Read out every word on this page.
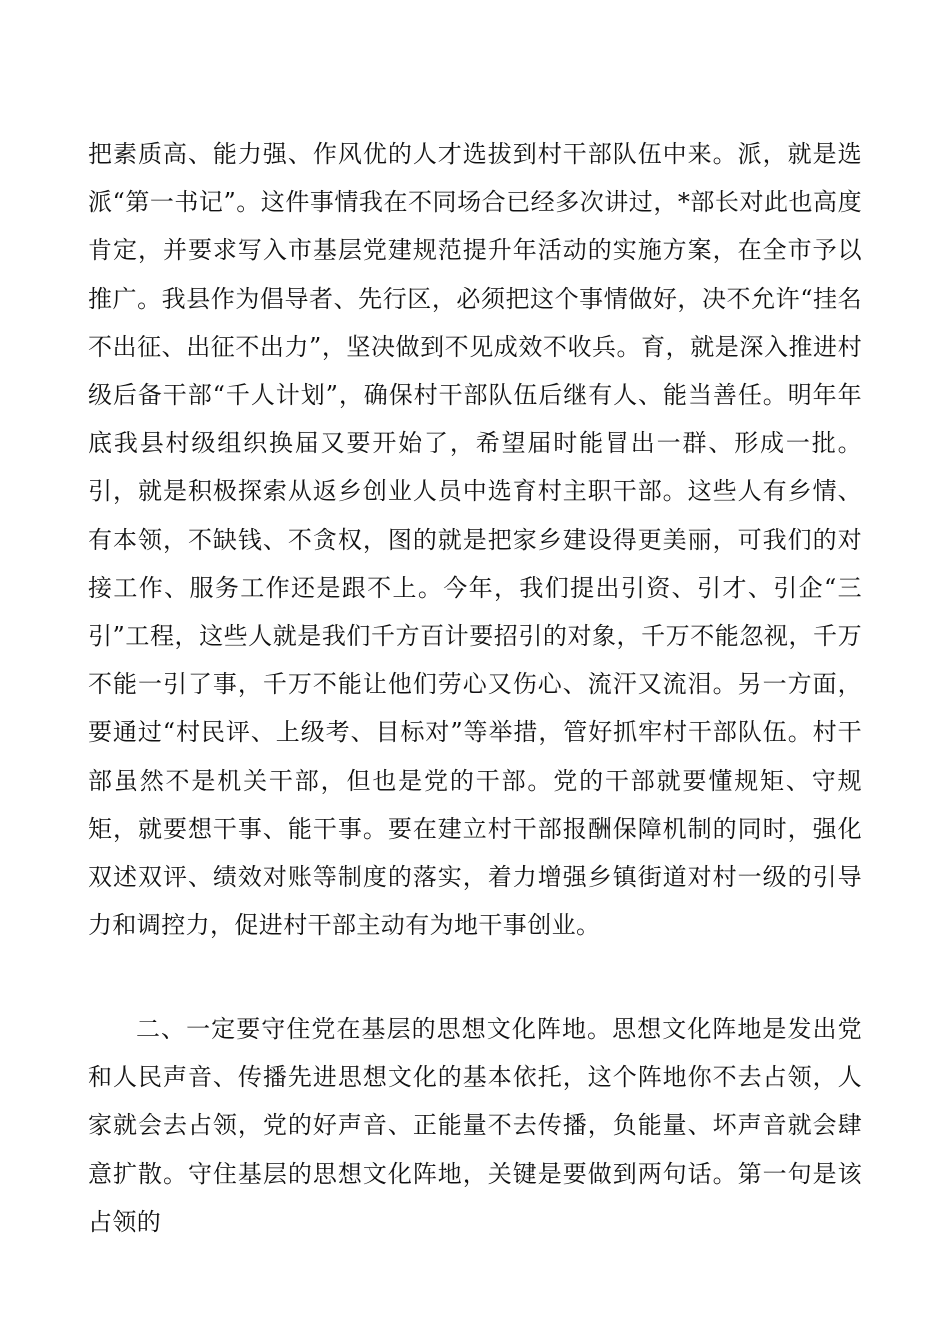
把素质高、能力强、作风优的人才选拔到村干部队伍中来。派，就是选派“第一书记”。这件事情我在不同场合已经多次讲过，*部长对此也高度肯定，并要求写入市基层党建规范提升年活动的实施方案，在全市予以推广。我县作为倡导者、先行区，必须把这个事情做好，决不允许“挂名不出征、出征不出力”，坚决做到不见成效不收兵。育，就是深入推进村级后备干部“千人计划”，确保村干部队伍后继有人、能当善任。明年年底我县村级组织换届又要开始了，希望届时能冒出一群、形成一批。引，就是积极探索从返乡创业人员中选育村主职干部。这些人有乡情、有本领，不缺钱、不贪权，图的就是把家乡建设得更美丽，可我们的对接工作、服务工作还是跟不上。今年，我们提出引资、引才、引企“三引”工程，这些人就是我们千方百计要招引的对象，千万不能忽视，千万不能一引了事，千万不能让他们劳心又伤心、流汗又流泪。另一方面，要通过“村民评、上级考、目标对”等举措，管好抓牢村干部队伍。村干部虽然不是机关干部，但也是党的干部。党的干部就要懂规矩、守规矩，就要想干事、能干事。要在建立村干部报酬保障机制的同时，强化双述双评、绩效对账等制度的落实，着力增强乡镇街道对村一级的引导力和调控力，促进村干部主动有为地干事创业。

二、一定要守住党在基层的思想文化阵地。思想文化阵地是发出党和人民声音、传播先进思想文化的基本依托，这个阵地你不去占领，人家就会去占领，党的好声音、正能量不去传播，负能量、坏声音就会肆意扩散。守住基层的思想文化阵地，关键是要做到两句话。第一句是该占领的
